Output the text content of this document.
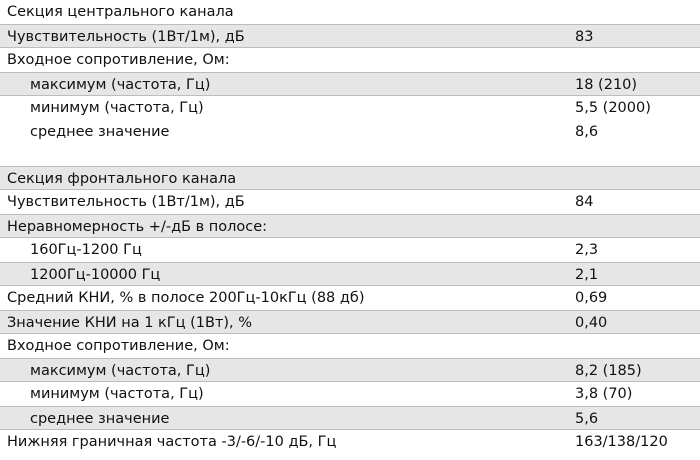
Секция центрального канала
Чувствительность (1Вт/1м), дБ	83
Входное сопротивление, Ом:
максимум (частота, Гц)	18 (210)
минимум (частота, Гц)	5,5 (2000)
среднее значение	8,6
Секция фронтального канала
Чувствительность (1Вт/1м), дБ	84
Неравномерность +/-дБ в полосе:
160Гц-1200 Гц	2,3
1200Гц-10000 Гц	2,1
Средний КНИ, % в полосе 200Гц-10кГц (88 дб)	0,69
Значение КНИ на 1 кГц (1Вт), %	0,40
Входное сопротивление, Ом:
максимум (частота, Гц)	8,2 (185)
минимум (частота, Гц)	3,8 (70)
среднее значение	5,6
Нижняя граничная частота -3/-6/-10 дБ, Гц	163/138/120
